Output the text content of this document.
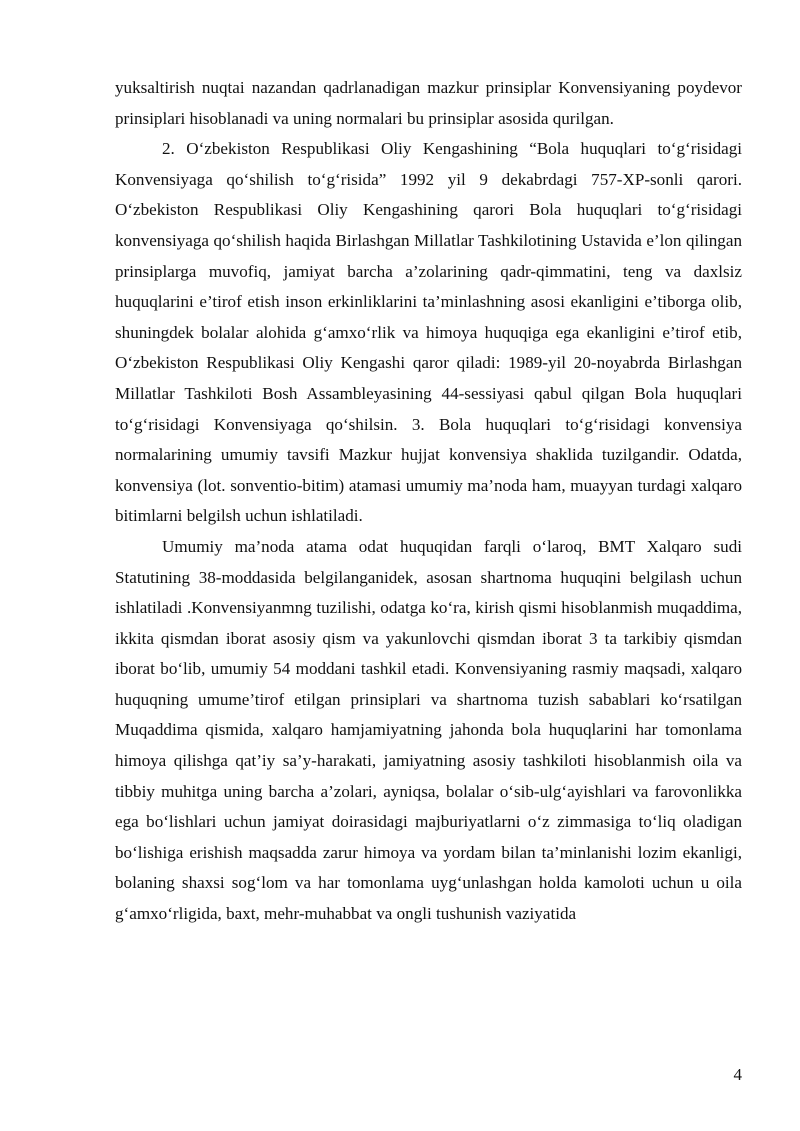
yuksaltirish nuqtai nazandan qadrlanadigan mazkur prinsiplar Konvensiyaning poydevor prinsiplari hisoblanadi va uning normalari bu prinsiplar asosida qurilgan.

2. O‘zbekiston Respublikasi Oliy Kengashining “Bola huquqlari to‘g‘risidagi Konvensiyaga qo‘shilish to‘g‘risida” 1992 yil 9 dekabrdagi 757-XP-sonli qarori. O‘zbekiston Respublikasi Oliy Kengashining qarori Bola huquqlari to‘g‘risidagi konvensiyaga qo‘shilish haqida Birlashgan Millatlar Tashkilotining Ustavida e’lon qilingan prinsiplarga muvofiq, jamiyat barcha a’zolarining qadr-qimmatini, teng va daxlsiz huquqlarini e’tirof etish inson erkinliklarini ta’minlashning asosi ekanligini e’tiborga olib, shuningdek bolalar alohida g‘amxo‘rlik va himoya huquqiga ega ekanligini e’tirof etib, O‘zbekiston Respublikasi Oliy Kengashi qaror qiladi: 1989-yil 20-noyabrda Birlashgan Millatlar Tashkiloti Bosh Assambleyasining 44-sessiyasi qabul qilgan Bola huquqlari to‘g‘risidagi Konvensiyaga qo‘shilsin. 3. Bola huquqlari to‘g‘risidagi konvensiya normalarining umumiy tavsifi Mazkur hujjat konvensiya shaklida tuzilgandir. Odatda, konvensiya (lot. sonventio-bitim) atamasi umumiy ma’noda ham, muayyan turdagi xalqaro bitimlarni belgilsh uchun ishlatiladi.

Umumiy ma’noda atama odat huquqidan farqli o‘laroq, BMT Xalqaro sudi Statutining 38-moddasida belgilanganidek, asosan shartnoma huquqini belgilash uchun ishlatiladi .Konvensiyanmng tuzilishi, odatga ko‘ra, kirish qismi hisoblanmish muqaddima, ikkita qismdan iborat asosiy qism va yakunlovchi qismdan iborat 3 ta tarkibiy qismdan iborat bo‘lib, umumiy 54 moddani tashkil etadi. Konvensiyaning rasmiy maqsadi, xalqaro huquqning umume’tirof etilgan prinsiplari va shartnoma tuzish sabablari ko‘rsatilgan Muqaddima qismida, xalqaro hamjamiyatning jahonda bola huquqlarini har tomonlama himoya qilishga qat’iy sa’y-harakati, jamiyatning asosiy tashkiloti hisoblanmish oila va tibbiy muhitga uning barcha a’zolari, ayniqsa, bolalar o‘sib-ulg‘ayishlari va farovonlikka ega bo‘lishlari uchun jamiyat doirasidagi majburiyatlarni o‘z zimmasiga to‘liq oladigan bo‘lishiga erishish maqsadda zarur himoya va yordam bilan ta’minlanishi lozim ekanligi, bolaning shaxsi sog‘lom va har tomonlama uyg‘unlashgan holda kamoloti uchun u oila g‘amxo‘rligida, baxt, mehr-muhabbat va ongli tushunish vaziyatida

4
